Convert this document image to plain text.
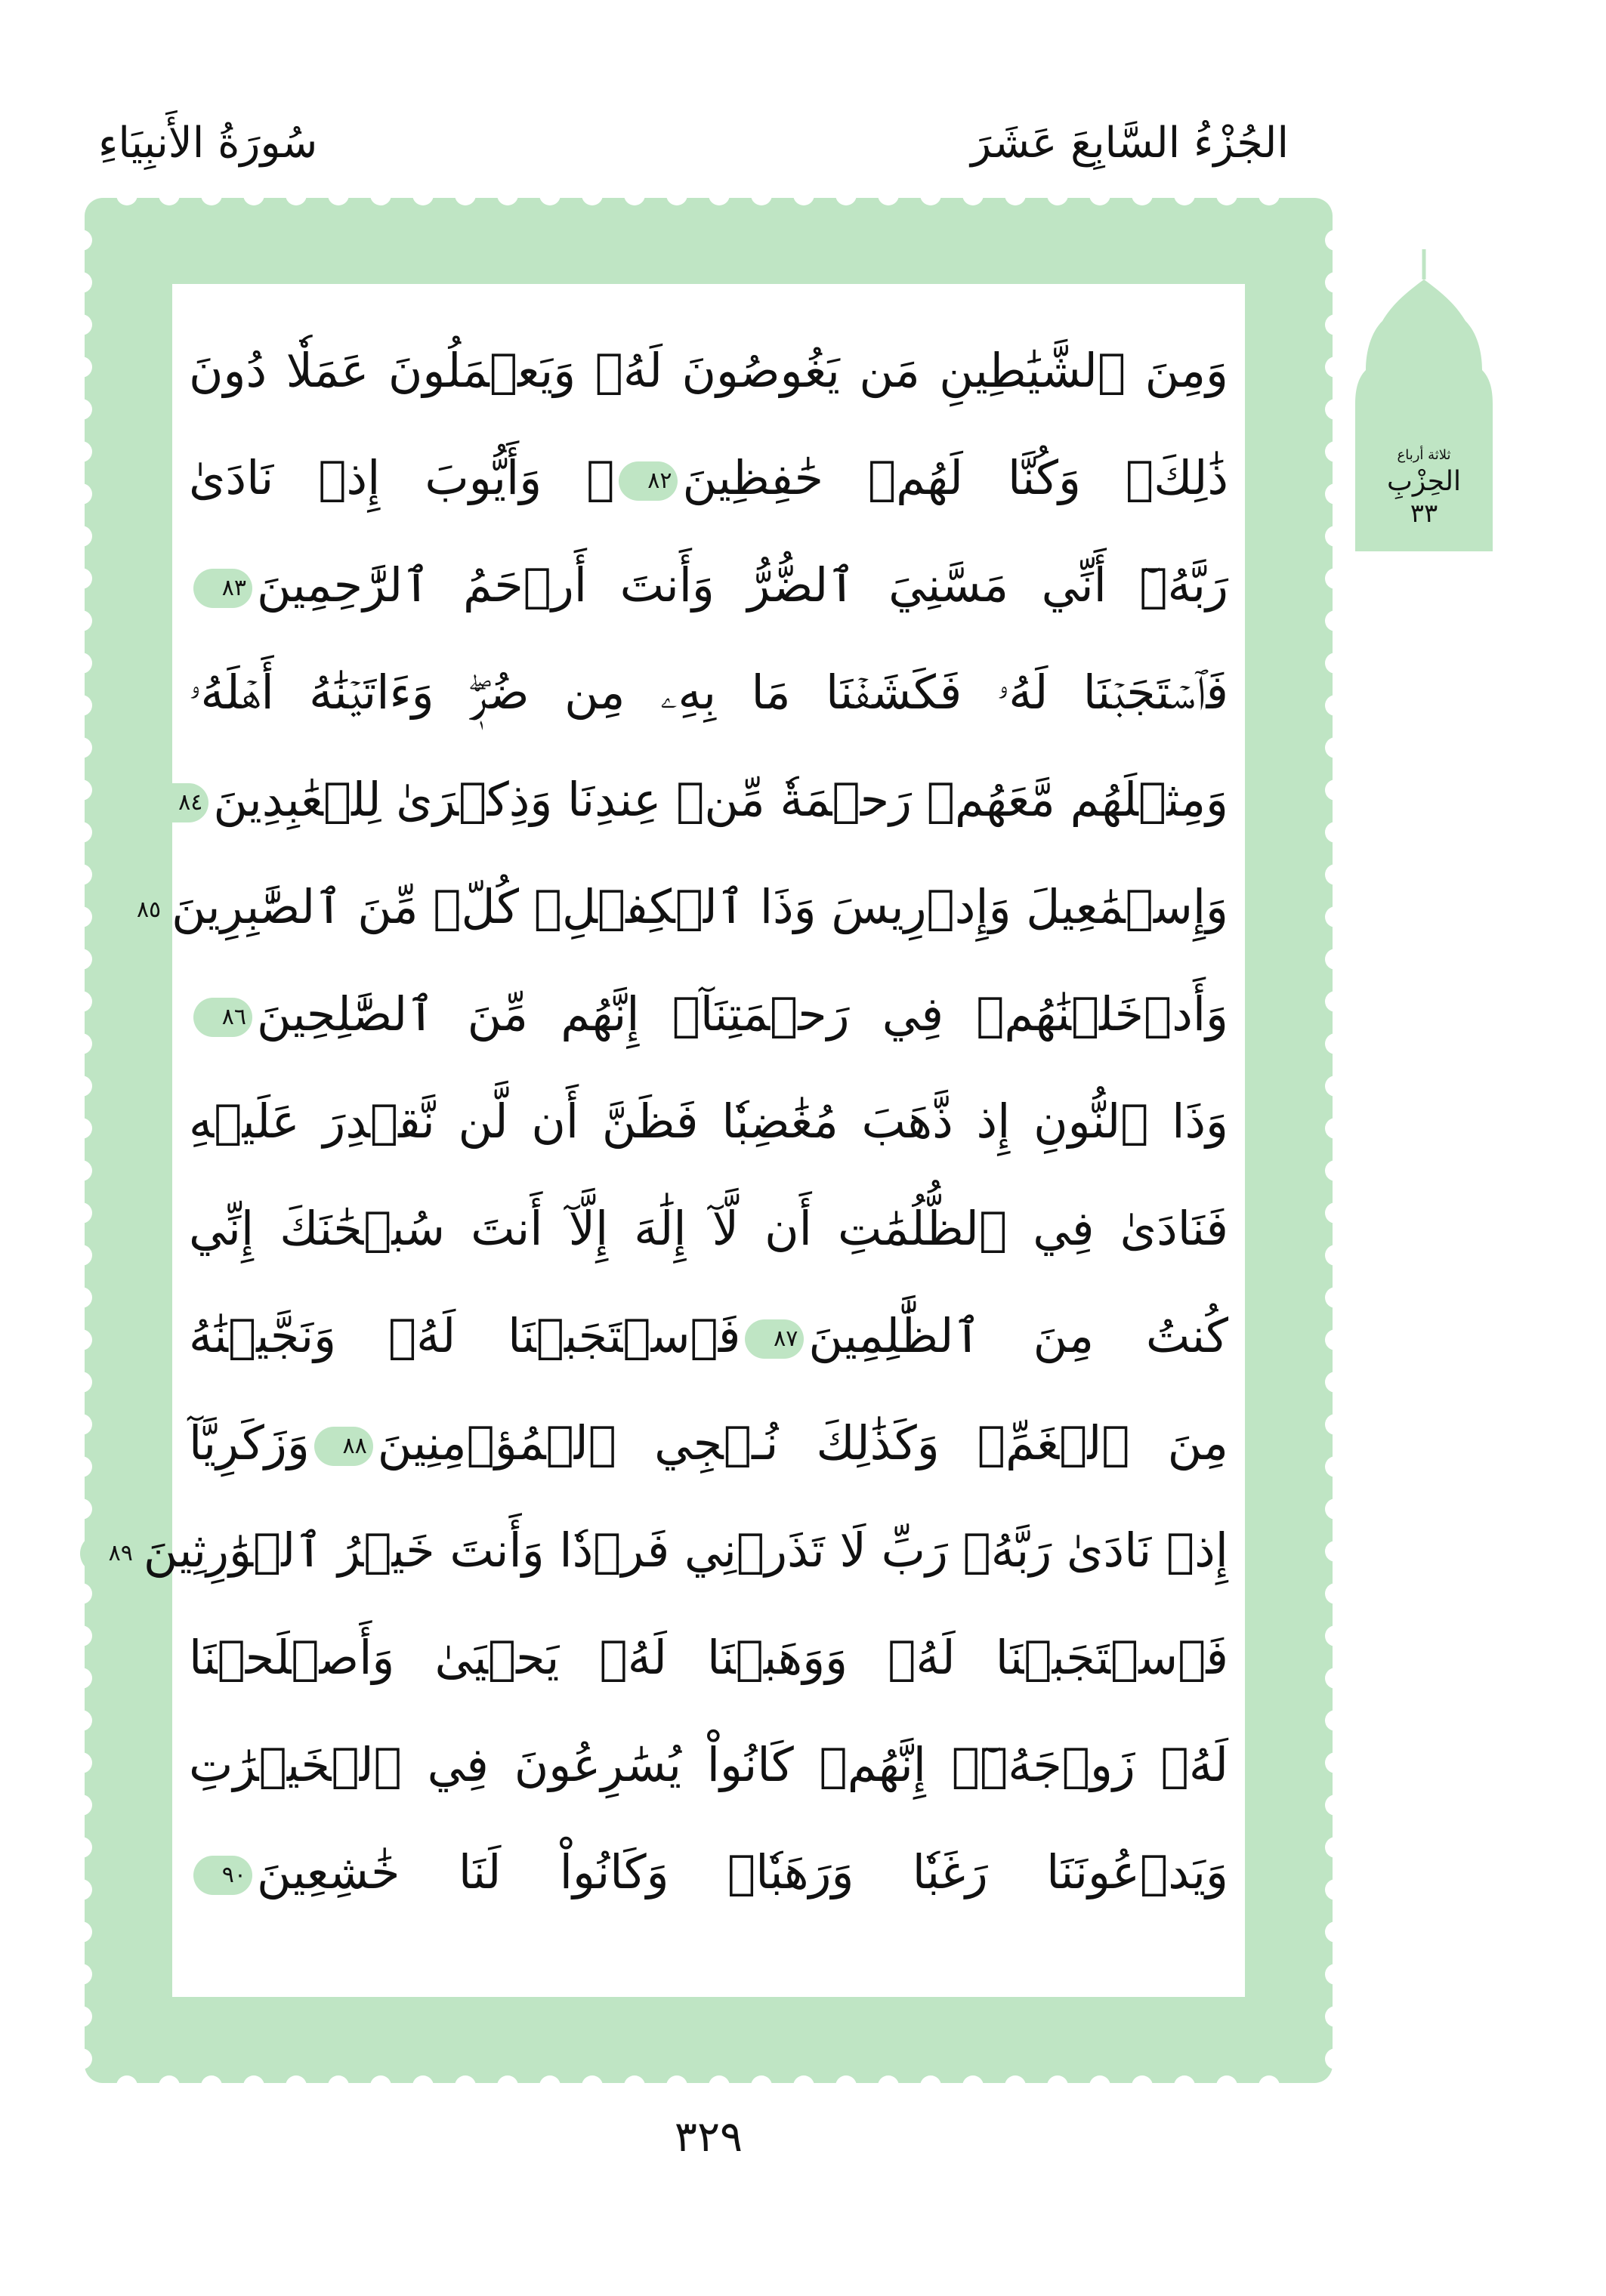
سُورَةُ الأَنبِيَاءِ	الجُزْءُ السَّابِعَ عَشَرَ
وَمِنَ ٱلشَّيَٰطِينِ مَن يَغُوصُونَ لَهُۥ وَيَعۡمَلُونَ عَمَلٗا دُونَ
ذَٰلِكَۖ وَكُنَّا لَهُمۡ حَٰفِظِينَ٨٢۞ وَأَيُّوبَ إِذۡ نَادَىٰ
رَبَّهُۥٓ أَنِّي مَسَّنِيَ ٱلضُّرُّ وَأَنتَ أَرۡحَمُ ٱلرَّٰحِمِينَ٨٣
فَٱسۡتَجَبۡنَا لَهُۥ فَكَشَفۡنَا مَا بِهِۦ مِن ضُرّٖۖ وَءَاتَيۡنَٰهُ أَهۡلَهُۥ
وَمِثۡلَهُم مَّعَهُمۡ رَحۡمَةٗ مِّنۡ عِندِنَا وَذِكۡرَىٰ لِلۡعَٰبِدِينَ٨٤
وَإِسۡمَٰعِيلَ وَإِدۡرِيسَ وَذَا ٱلۡكِفۡلِۖ كُلّٞ مِّنَ ٱلصَّٰبِرِينَ٨٥
وَأَدۡخَلۡنَٰهُمۡ فِي رَحۡمَتِنَآۖ إِنَّهُم مِّنَ ٱلصَّٰلِحِينَ٨٦
وَذَا ٱلنُّونِ إِذ ذَّهَبَ مُغَٰضِبٗا فَظَنَّ أَن لَّن نَّقۡدِرَ عَلَيۡهِ
فَنَادَىٰ فِي ٱلظُّلُمَٰتِ أَن لَّآ إِلَٰهَ إِلَّآ أَنتَ سُبۡحَٰنَكَ إِنِّي
كُنتُ مِنَ ٱلظَّٰلِمِينَ٨٧فَٱسۡتَجَبۡنَا لَهُۥ وَنَجَّيۡنَٰهُ
مِنَ ٱلۡغَمِّۚ وَكَذَٰلِكَ نُـۨجِي ٱلۡمُؤۡمِنِينَ٨٨وَزَكَرِيَّآ
إِذۡ نَادَىٰ رَبَّهُۥ رَبِّ لَا تَذَرۡنِي فَرۡدٗا وَأَنتَ خَيۡرُ ٱلۡوَٰرِثِينَ٨٩
فَٱسۡتَجَبۡنَا لَهُۥ وَوَهَبۡنَا لَهُۥ يَحۡيَىٰ وَأَصۡلَحۡنَا
لَهُۥ زَوۡجَهُۥٓۚ إِنَّهُمۡ كَانُواْ يُسَٰرِعُونَ فِي ٱلۡخَيۡرَٰتِ
وَيَدۡعُونَنَا رَغَبٗا وَرَهَبٗاۖ وَكَانُواْ لَنَا خَٰشِعِينَ٩٠
ثلاثة أرباع
الحِزْبِ
٣٣
٣٢٩
